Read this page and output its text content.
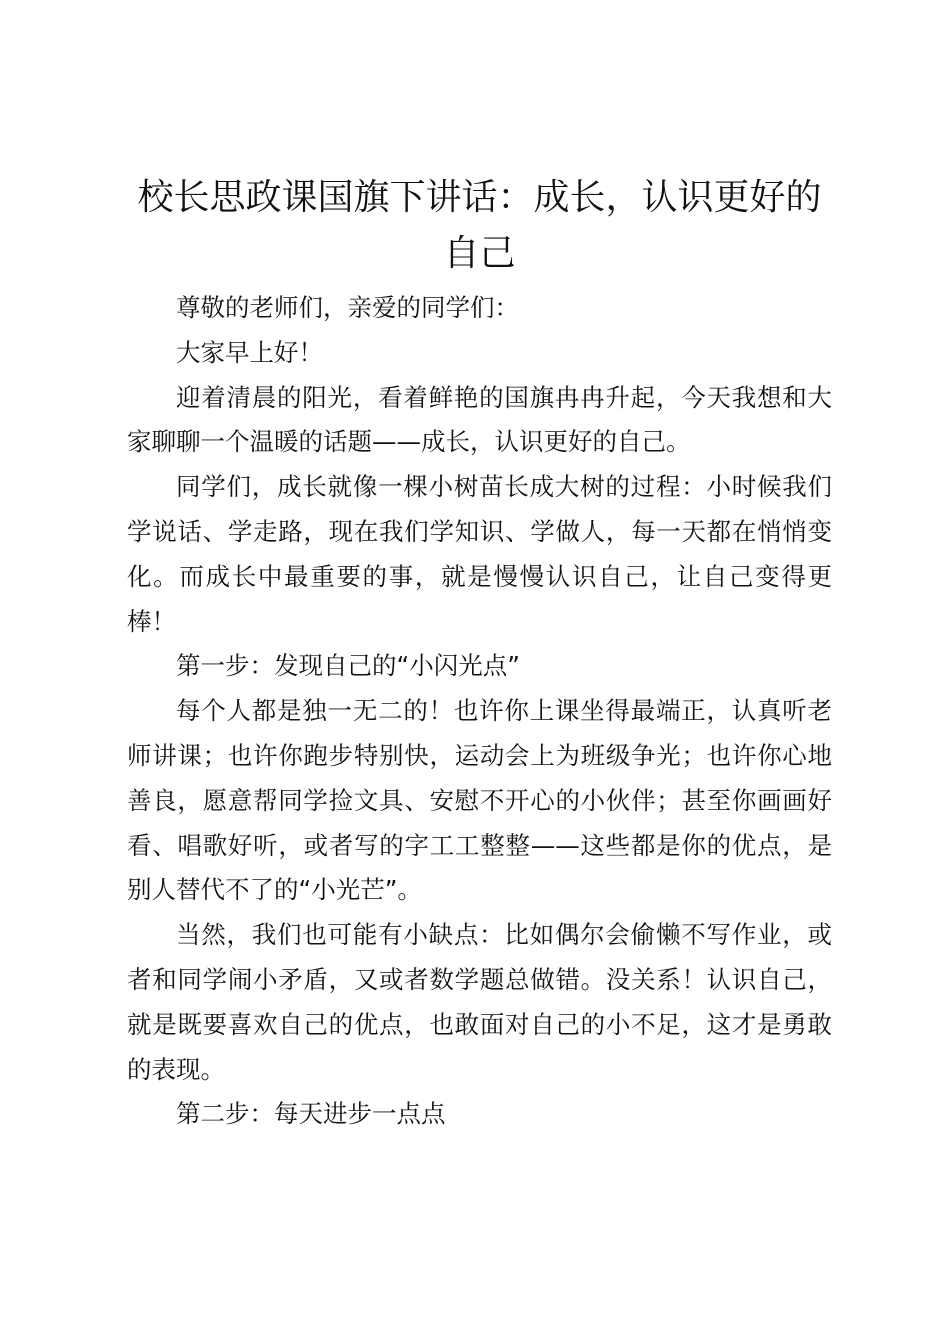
校长思政课国旗下讲话：成长，认识更好的自己

尊敬的老师们，亲爱的同学们：

大家早上好！

迎着清晨的阳光，看着鲜艳的国旗冉冉升起，今天我想和大家聊聊一个温暖的话题——成长，认识更好的自己。

同学们，成长就像一棵小树苗长成大树的过程：小时候我们学说话、学走路，现在我们学知识、学做人，每一天都在悄悄变化。而成长中最重要的事，就是慢慢认识自己，让自己变得更棒！

第一步：发现自己的“小闪光点”

每个人都是独一无二的！也许你上课坐得最端正，认真听老师讲课；也许你跑步特别快，运动会上为班级争光；也许你心地善良，愿意帮同学捡文具、安慰不开心的小伙伴；甚至你画画好看、唱歌好听，或者写的字工工整整——这些都是你的优点，是别人替代不了的“小光芒”。

当然，我们也可能有小缺点：比如偶尔会偷懒不写作业，或者和同学闹小矛盾，又或者数学题总做错。没关系！认识自己，就是既要喜欢自己的优点，也敢面对自己的小不足，这才是勇敢的表现。

第二步：每天进步一点点
